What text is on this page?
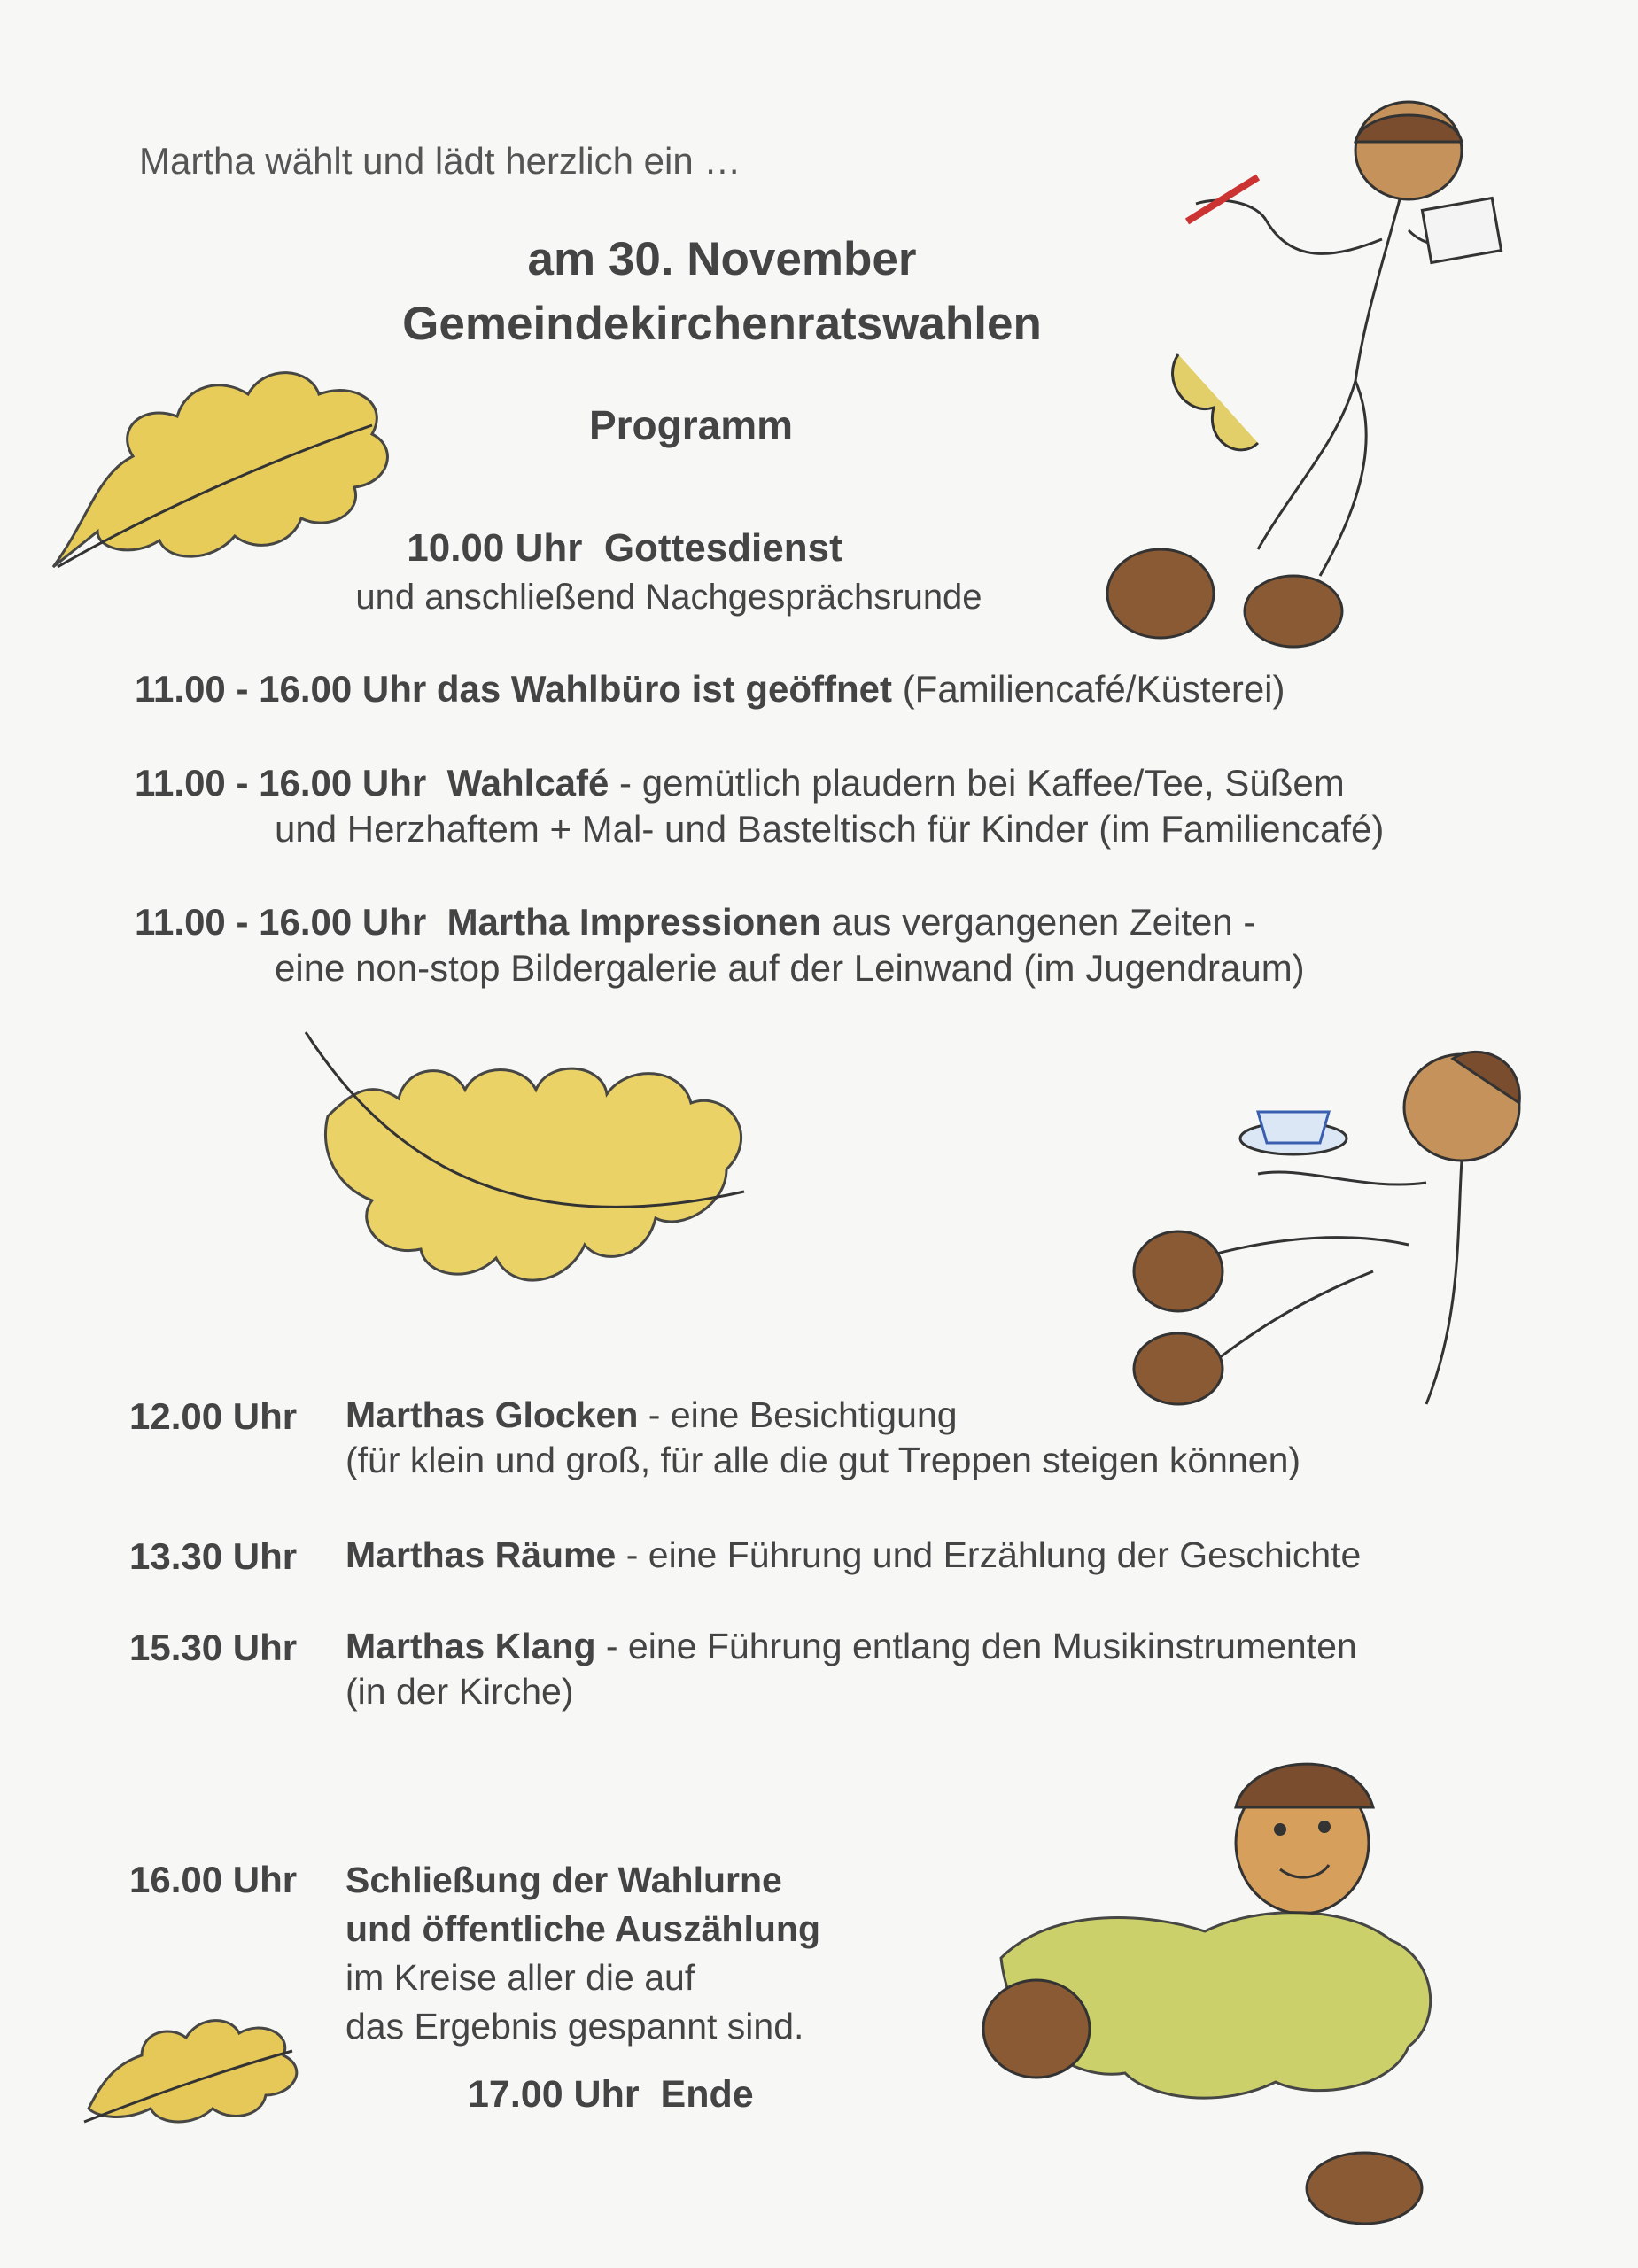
Martha wählt und lädt herzlich ein …
am 30. November
Gemeindekirchenratswahlen
Programm
10.00 Uhr Gottesdienst
und anschließend Nachgesprächsrunde
11.00 - 16.00 Uhr das Wahlbüro ist geöffnet (Familiencafé/Küsterei)
11.00 - 16.00 Uhr Wahlcafé - gemütlich plaudern bei Kaffee/Tee, Süßem
und Herzhaftem + Mal- und Basteltisch für Kinder (im Familiencafé)
11.00 - 16.00 Uhr Martha Impressionen aus vergangenen Zeiten -
eine non-stop Bildergalerie auf der Leinwand (im Jugendraum)
12.00 Uhr Marthas Glocken - eine Besichtigung
(für klein und groß, für alle die gut Treppen steigen können)
13.30 Uhr Marthas Räume - eine Führung und Erzählung der Geschichte
15.30 Uhr Marthas Klang - eine Führung entlang den Musikinstrumenten
(in der Kirche)
16.00 Uhr Schließung der Wahlurne
und öffentliche Auszählung
im Kreise aller die auf
das Ergebnis gespannt sind.
17.00 Uhr Ende
